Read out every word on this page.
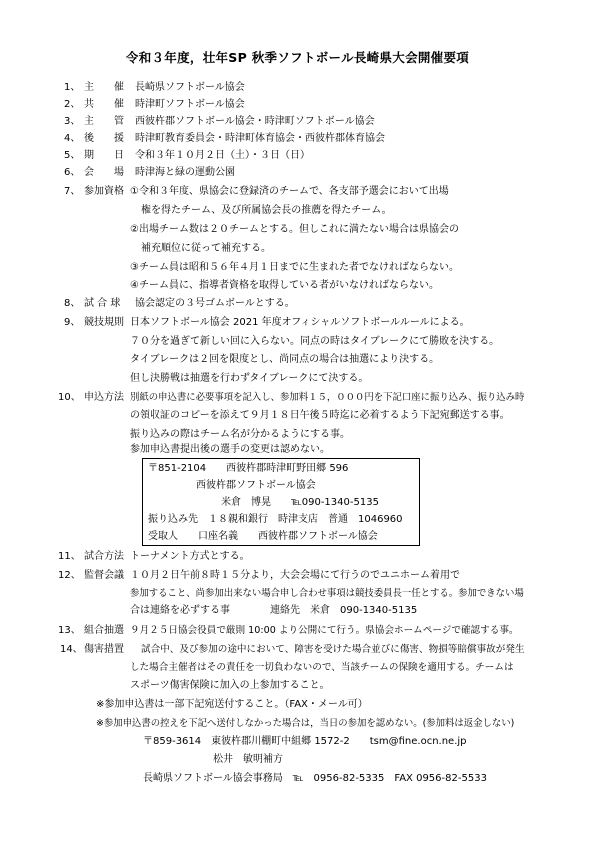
令和３年度，壮年SP 秋季ソフトボール長崎県大会開催要項
1、 主　　催 長崎県ソフトボール協会
2、 共　　催 時津町ソフトボール協会
3、 主　　管 西彼杵郡ソフトボール協会・時津町ソフトボール協会
4、 後　　援 時津町教育委員会・時津町体育協会・西彼杵郡体育協会
5、 期　　日 令和３年１０月２日（土）・３日（日）
6、 会　　場 時津海と緑の運動公園
7、 参加資格 ①令和３年度、県協会に登録済のチームで、各支部予選会において出場
権を得たチーム、及び所属協会長の推薦を得たチーム。
②出場チーム数は２０チームとする。但しこれに満たない場合は県協会の
補充順位に従って補充する。
③チーム員は昭和５６年４月１日までに生まれた者でなければならない。
④チーム員に、指導者資格を取得している者がいなければならない。
8、 試 合 球 協会認定の３号ゴムボールとする。
9、 競技規則 日本ソフトボール協会 2021 年度オフィシャルソフトボールルールによる。
７０分を過ぎて新しい回に入らない。同点の時はタイブレークにて勝敗を決する。
タイブレークは２回を限度とし、尚同点の場合は抽選により決する。
但し決勝戦は抽選を行わずタイブレークにて決する。
10、 申込方法 別紙の申込書に必要事項を記入し、参加料１５，０００円を下記口座に振り込み、振り込み時
の領収証のコピーを添えて９月１８日午後５時迄に必着するよう下記宛郵送する事。
振り込みの際はチーム名が分かるようにする事。
参加申込書提出後の選手の変更は認めない。
〒851-2104　　西彼杵郡時津町野田郷 596
西彼杵郡ソフトボール協会
米倉　博晃　　℡090-1340-5135
振り込み先　１８親和銀行　時津支店　普通　1046960
受取人　　口座名義　　西彼杵郡ソフトボール協会
11、 試合方法 トーナメント方式とする。
12、 監督会議 １０月２日午前８時１５分より，大会会場にて行うのでユニホーム着用で
参加すること、尚参加出来ない場合申し合わせ事項は競技委員長一任とする。参加できない場
合は連絡を必ずする事　　　　連絡先　米倉　090-1340-5135
13、 組合抽選 ９月２５日協会役員で厳則 10:00 より公開にて行う。県協会ホームページで確認する事。
14、 傷害措置 試合中、及び参加の途中において、障害を受けた場合並びに傷害、物損等賠償事故が発生
した場合主催者はその責任を一切負わないので、当該チームの保険を適用する。チームは
スポーツ傷害保険に加入の上参加すること。
※参加申込書は一部下記宛送付すること。（FAX・メール可）
※参加申込書の控えを下記へ送付しなかった場合は，当日の参加を認めない。(参加料は返金しない)
〒859-3614　東彼杵郡川棚町中組郷 1572-2　　tsm@fine.ocn.ne.jp
松井　敏明補方
長崎県ソフトボール協会事務局　℡　0956-82-5335　FAX 0956-82-5533
